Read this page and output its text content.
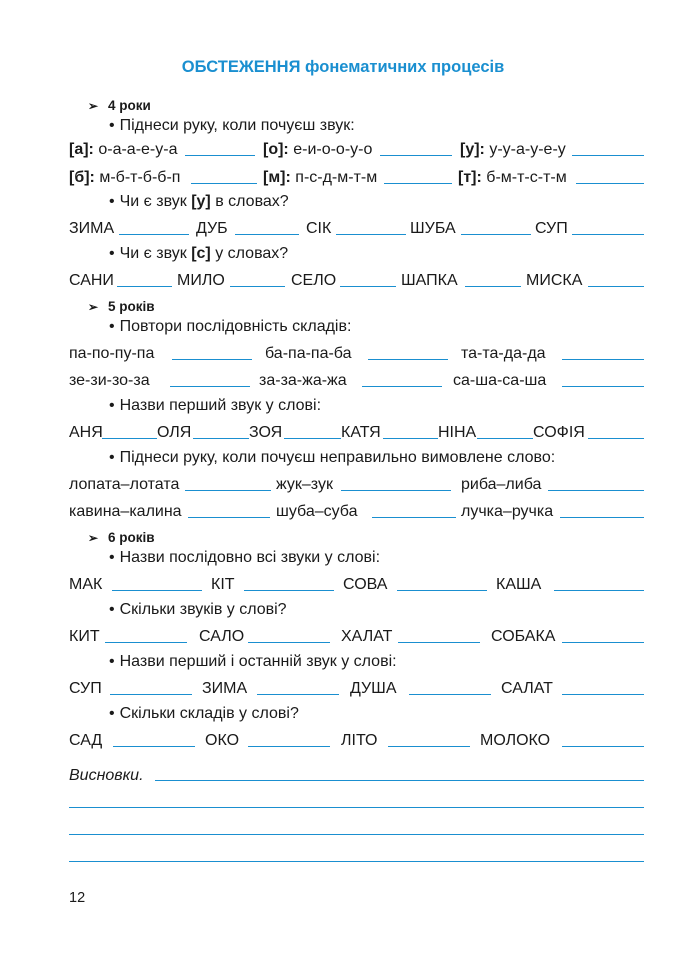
ОБСТЕЖЕННЯ фонематичних процесів
➢ 4 роки
• Піднеси руку, коли почуєш звук:
[а]: о-а-а-е-у-а	[о]: е-и-о-о-у-о	[у]: у-у-а-у-е-у
[б]: м-б-т-б-б-п	[м]: п-с-д-м-т-м	[т]: б-м-т-с-т-м
• Чи є звук [у] в словах?
ЗИМА	ДУБ	СІК	ШУБА	СУП
• Чи є звук [с] у словах?
САНИ	МИЛО	СЕЛО	ШАПКА	МИСКА
➢ 5 років
• Повтори послідовність складів:
па-по-пу-па	ба-па-па-ба	та-та-да-да
зе-зи-зо-за	за-за-жа-жа	са-ша-са-ша
• Назви перший звук у слові:
АНЯ	ОЛЯ	ЗОЯ	КАТЯ	НІНА	СОФІЯ
• Піднеси руку, коли почуєш неправильно вимовлене слово:
лопата–лотата	жук–зук	риба–либа
кавина–калина	шуба–суба	лучка–ручка
➢ 6 років
• Назви послідовно всі звуки у слові:
МАК	КІТ	СОВА	КАША
• Скільки звуків у слові?
КИТ	САЛО	ХАЛАТ	СОБАКА
• Назви перший і останній звук у слові:
СУП	ЗИМА	ДУША	САЛАТ
• Скільки складів у слові?
САД	ОКО	ЛІТО	МОЛОКО
Висновки.
12
